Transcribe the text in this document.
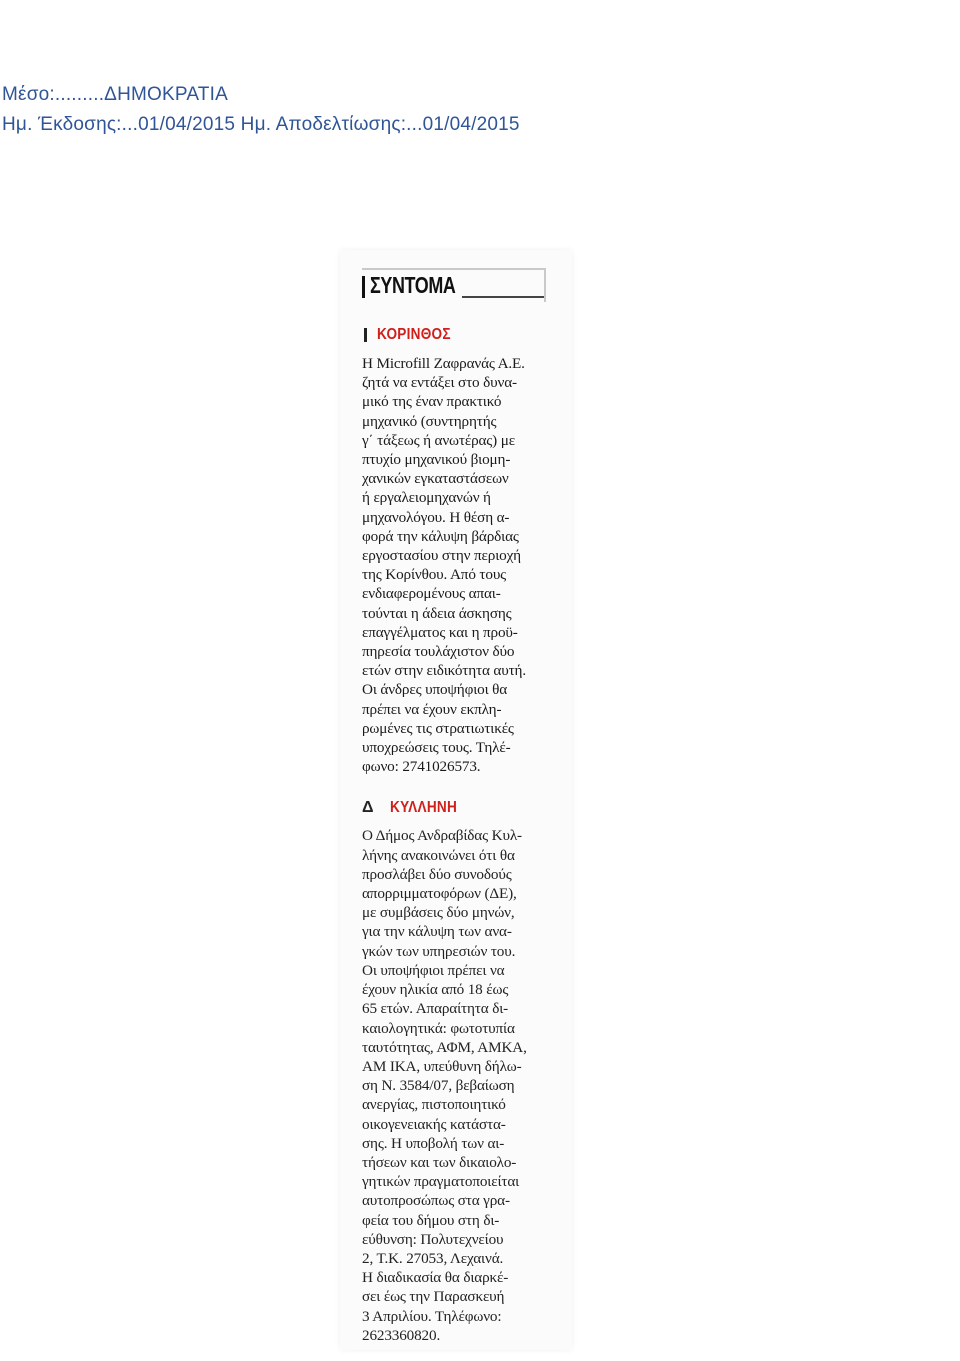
Μέσο:.........ΔΗΜΟΚΡΑΤΙΑ
Ημ. Έκδοσης:...01/04/2015 Ημ. Αποδελτίωσης:...01/04/2015
ΣΥΝΤΟΜΑ
ΚΟΡΙΝΘΟΣ
Η Microfill Ζαφρανάς Α.Ε.
ζητά να εντάξει στο δυνα-
μικό της έναν πρακτικό
μηχανικό (συντηρητής
γ΄ τάξεως ή ανωτέρας) με
πτυχίο μηχανικού βιομη-
χανικών εγκαταστάσεων
ή εργαλειομηχανών ή
μηχανολόγου. Η θέση α-
φορά την κάλυψη βάρδιας
εργοστασίου στην περιοχή
της Κορίνθου. Από τους
ενδιαφερομένους απαι-
τούνται η άδεια άσκησης
επαγγέλματος και η προϋ-
πηρεσία τουλάχιστον δύο
ετών στην ειδικότητα αυτή.
Οι άνδρες υποψήφιοι θα
πρέπει να έχουν εκπλη-
ρωμένες τις στρατιωτικές
υποχρεώσεις τους. Τηλέ-
φωνο: 2741026573.
Δ ΚΥΛΛΗΝΗ
Ο Δήμος Ανδραβίδας Κυλ-
λήνης ανακοινώνει ότι θα
προσλάβει δύο συνοδούς
απορριμματοφόρων (ΔΕ),
με συμβάσεις δύο μηνών,
για την κάλυψη των ανα-
γκών των υπηρεσιών του.
Οι υποψήφιοι πρέπει να
έχουν ηλικία από 18 έως
65 ετών. Απαραίτητα δι-
καιολογητικά: φωτοτυπία
ταυτότητας, ΑΦΜ, ΑΜΚΑ,
ΑΜ ΙΚΑ, υπεύθυνη δήλω-
ση Ν. 3584/07, βεβαίωση
ανεργίας, πιστοποιητικό
οικογενειακής κατάστα-
σης. Η υποβολή των αι-
τήσεων και των δικαιολο-
γητικών πραγματοποιείται
αυτοπροσώπως στα γρα-
φεία του δήμου στη δι-
εύθυνση: Πολυτεχνείου
2, Τ.Κ. 27053, Λεχαινά.
Η διαδικασία θα διαρκέ-
σει έως την Παρασκευή
3 Απριλίου. Τηλέφωνο:
2623360820.
